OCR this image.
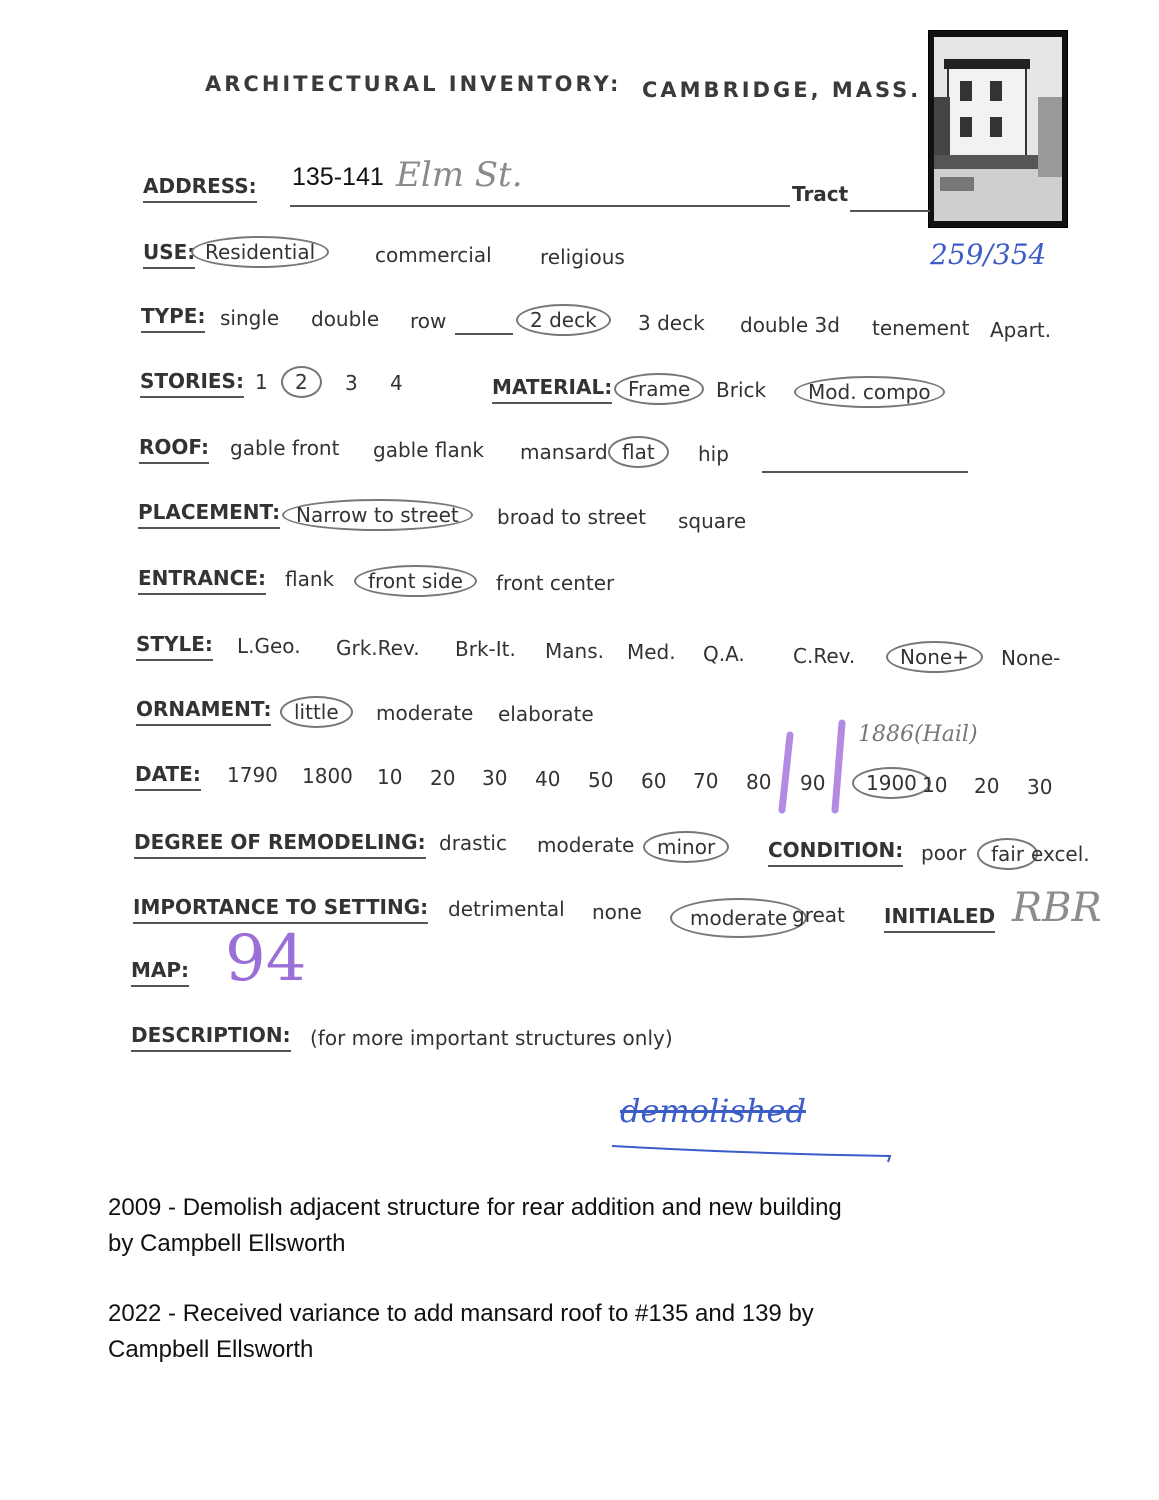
ARCHITECTURAL INVENTORY: CAMBRIDGE, MASS.
ADDRESS: 135-141 Elm St.	Tract
259/354
USE: Residential	commercial religious
TYPE: single double row	2 deck	3 deck double 3d tenement Apart.
STORIES: 1	2	3 4	MATERIAL: Frame	Brick	Mod. compo
ROOF: gable front gable flank mansard flat	hip
PLACEMENT: Narrow to street	broad to street square
ENTRANCE: flank	front side	front center
STYLE: L.Geo. Grk.Rev. Brk-It. Mans. Med. Q.A. C.Rev.	None+	None-
ORNAMENT:	little	moderate elaborate
DATE: 1790 1800 10 20 30 40 50 60 70 80 90	1900 10 20 30
1886(Hail)
DEGREE OF REMODELING: drastic moderate	minor	CONDITION: poor	fair excel.
IMPORTANCE TO SETTING: detrimental none	moderate great INITIALED RBR
MAP: 94
DESCRIPTION: (for more important structures only)
demolished
2009 - Demolish adjacent structure for rear addition and new building by Campbell Ellsworth
2022 - Received variance to add mansard roof to #135 and 139 by Campbell Ellsworth
